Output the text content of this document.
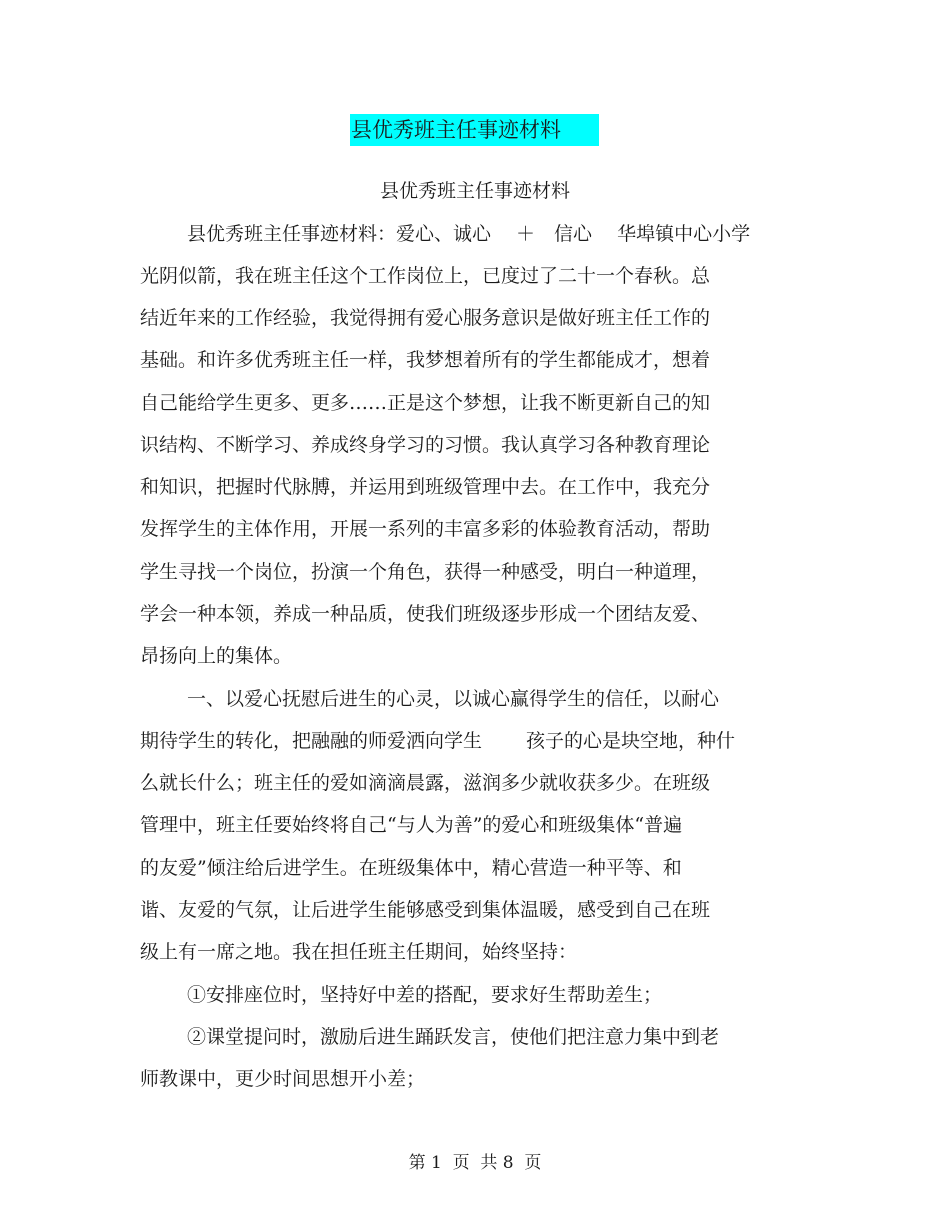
县优秀班主任事迹材料
县优秀班主任事迹材料
县优秀班主任事迹材料：爱心、诚心　 ＋　信心　 华埠镇中心小学
光阴似箭，我在班主任这个工作岗位上，已度过了二十一个春秋。总
结近年来的工作经验，我觉得拥有爱心服务意识是做好班主任工作的
基础。和许多优秀班主任一样，我梦想着所有的学生都能成才，想着
自己能给学生更多、更多……正是这个梦想，让我不断更新自己的知
识结构、不断学习、养成终身学习的习惯。我认真学习各种教育理论
和知识，把握时代脉膊，并运用到班级管理中去。在工作中，我充分
发挥学生的主体作用，开展一系列的丰富多彩的体验教育活动，帮助
学生寻找一个岗位，扮演一个角色，获得一种感受，明白一种道理，
学会一种本领，养成一种品质，使我们班级逐步形成一个团结友爱、
昂扬向上的集体。
一、以爱心抚慰后进生的心灵，以诚心赢得学生的信任，以耐心
期待学生的转化，把融融的师爱洒向学生　　 孩子的心是块空地，种什
么就长什么；班主任的爱如滴滴晨露，滋润多少就收获多少。在班级
管理中，班主任要始终将自己“与人为善”的爱心和班级集体“普遍
的友爱”倾注给后进学生。在班级集体中，精心营造一种平等、和
谐、友爱的气氛，让后进学生能够感受到集体温暖，感受到自己在班
级上有一席之地。我在担任班主任期间，始终坚持：
①安排座位时，坚持好中差的搭配，要求好生帮助差生；
②课堂提问时，激励后进生踊跃发言，使他们把注意力集中到老
师教课中，更少时间思想开小差；
第 1  页  共 8  页
